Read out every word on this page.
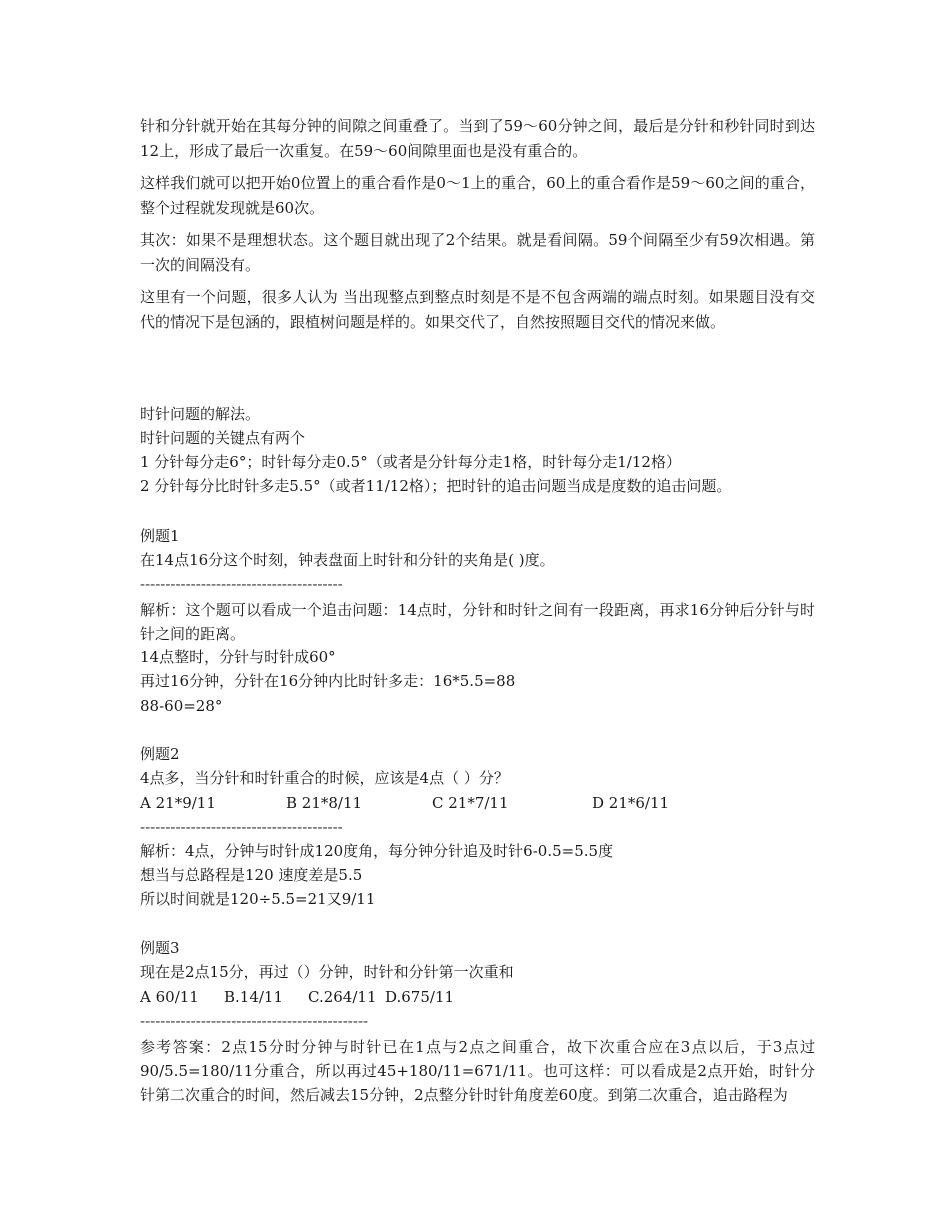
针和分针就开始在其每分钟的间隙之间重叠了。当到了59～60分钟之间，最后是分针和秒针同时到达12上，形成了最后一次重复。在59～60间隙里面也是没有重合的。

这样我们就可以把开始0位置上的重合看作是0～1上的重合，60上的重合看作是59～60之间的重合，整个过程就发现就是60次。

其次：如果不是理想状态。这个题目就出现了2个结果。就是看间隔。59个间隔至少有59次相遇。第一次的间隔没有。

这里有一个问题，很多人认为 当出现整点到整点时刻是不是不包含两端的端点时刻。如果题目没有交代的情况下是包涵的，跟植树问题是样的。如果交代了，自然按照题目交代的情况来做。

时针问题的解法。

时针问题的关键点有两个

1 分针每分走6°；时针每分走0.5°（或者是分针每分走1格，时针每分走1/12格）

2 分针每分比时针多走5.5°（或者11/12格）；把时针的追击问题当成是度数的追击问题。

例题1

在14点16分这个时刻，钟表盘面上时针和分针的夹角是( )度。

----------------------------------------

解析：这个题可以看成一个追击问题：14点时，分针和时针之间有一段距离，再求16分钟后分针与时针之间的距离。

14点整时，分针与时针成60°

再过16分钟，分针在16分钟内比时针多走：16*5.5=88

88-60=28°

例题2

4点多，当分针和时针重合的时候，应该是4点（ ）分？

A 21*9/11	B 21*8/11	C 21*7/11	D 21*6/11

----------------------------------------

解析：4点，分钟与时针成120度角，每分钟分针追及时针6-0.5=5.5度

想当与总路程是120 速度差是5.5

所以时间就是120÷5.5=21又9/11

例题3

现在是2点15分，再过（）分钟，时针和分针第一次重和

A 60/11 B.14/11 C.264/11 D.675/11

---------------------------------------------

参考答案：2点15分时分钟与时针已在1点与2点之间重合，故下次重合应在3点以后，于3点过90/5.5=180/11分重合，所以再过45+180/11=671/11。也可这样：可以看成是2点开始，时针分针第二次重合的时间，然后减去15分钟，2点整分针时针角度差60度。到第二次重合，追击路程为
